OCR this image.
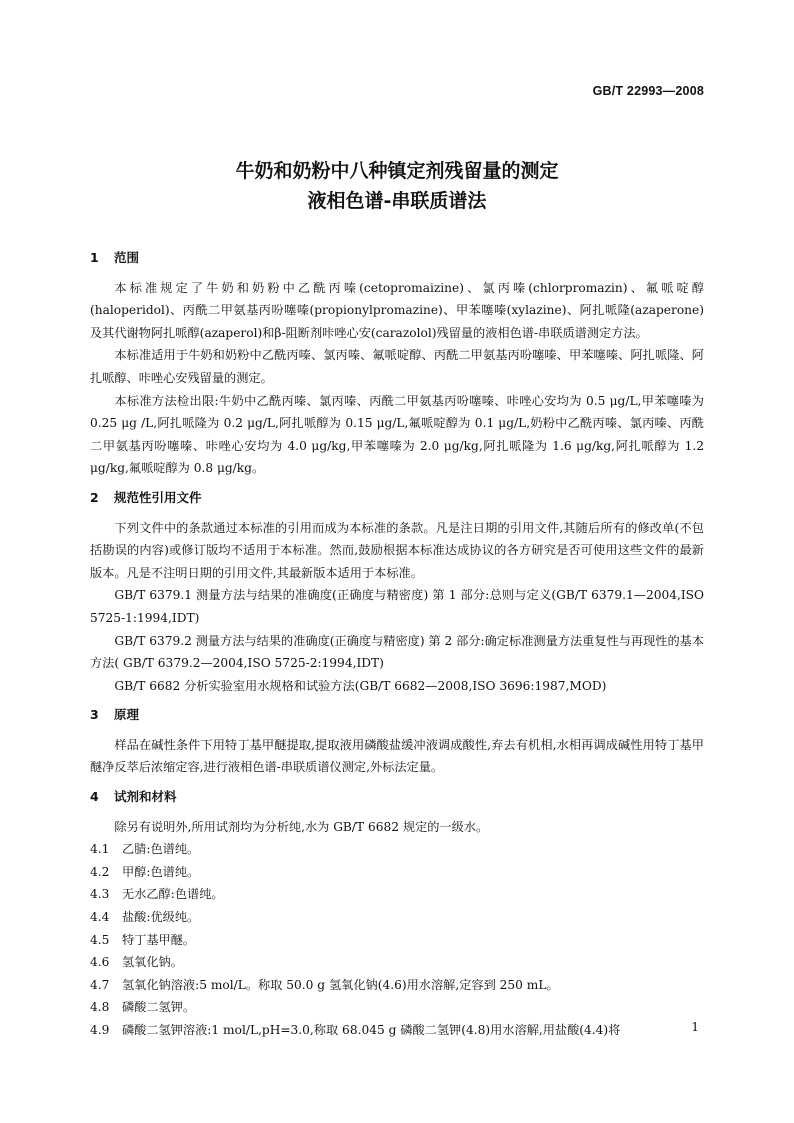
GB/T 22993—2008
牛奶和奶粉中八种镇定剂残留量的测定
液相色谱-串联质谱法
1 范围
本标准规定了牛奶和奶粉中乙酰丙嗪(cetopromaizine)、氯丙嗪(chlorpromazin)、氟哌啶醇(haloperidol)、丙酰二甲氨基丙吩噻嗪(propionylpromazine)、甲苯噻嗪(xylazine)、阿扎哌隆(azaperone)及其代谢物阿扎哌醇(azaperol)和β-阻断剂咔唑心安(carazolol)残留量的液相色谱-串联质谱测定方法。
本标准适用于牛奶和奶粉中乙酰丙嗪、氯丙嗪、氟哌啶醇、丙酰二甲氨基丙吩噻嗪、甲苯噻嗪、阿扎哌隆、阿扎哌醇、咔唑心安残留量的测定。
本标准方法检出限:牛奶中乙酰丙嗪、氯丙嗪、丙酰二甲氨基丙吩噻嗪、咔唑心安均为 0.5 μg/L,甲苯噻嗪为 0.25 μg /L,阿扎哌隆为 0.2 μg/L,阿扎哌醇为 0.15 μg/L,氟哌啶醇为 0.1 μg/L,奶粉中乙酰丙嗪、氯丙嗪、丙酰二甲氨基丙吩噻嗪、咔唑心安均为 4.0 μg/kg,甲苯噻嗪为 2.0 μg/kg,阿扎哌隆为 1.6 μg/kg,阿扎哌醇为 1.2 μg/kg,氟哌啶醇为 0.8 μg/kg。
2 规范性引用文件
下列文件中的条款通过本标准的引用而成为本标准的条款。凡是注日期的引用文件,其随后所有的修改单(不包括勘误的内容)或修订版均不适用于本标准。然而,鼓励根据本标准达成协议的各方研究是否可使用这些文件的最新版本。凡是不注明日期的引用文件,其最新版本适用于本标准。
GB/T 6379.1 测量方法与结果的准确度(正确度与精密度) 第 1 部分:总则与定义(GB/T 6379.1—2004,ISO 5725-1:1994,IDT)
GB/T 6379.2 测量方法与结果的准确度(正确度与精密度) 第 2 部分:确定标准测量方法重复性与再现性的基本方法( GB/T 6379.2—2004,ISO 5725-2:1994,IDT)
GB/T 6682 分析实验室用水规格和试验方法(GB/T 6682—2008,ISO 3696:1987,MOD)
3 原理
样品在碱性条件下用特丁基甲醚提取,提取液用磷酸盐缓冲液调成酸性,弃去有机相,水相再调成碱性用特丁基甲醚净反萃后浓缩定容,进行液相色谱-串联质谱仪测定,外标法定量。
4 试剂和材料
除另有说明外,所用试剂均为分析纯,水为 GB/T 6682 规定的一级水。
4.1 乙腈:色谱纯。
4.2 甲醇:色谱纯。
4.3 无水乙醇:色谱纯。
4.4 盐酸:优级纯。
4.5 特丁基甲醚。
4.6 氢氧化钠。
4.7 氢氧化钠溶液:5 mol/L。称取 50.0 g 氢氧化钠(4.6)用水溶解,定容到 250 mL。
4.8 磷酸二氢钾。
4.9 磷酸二氢钾溶液:1 mol/L,pH=3.0,称取 68.045 g 磷酸二氢钾(4.8)用水溶解,用盐酸(4.4)将	1
